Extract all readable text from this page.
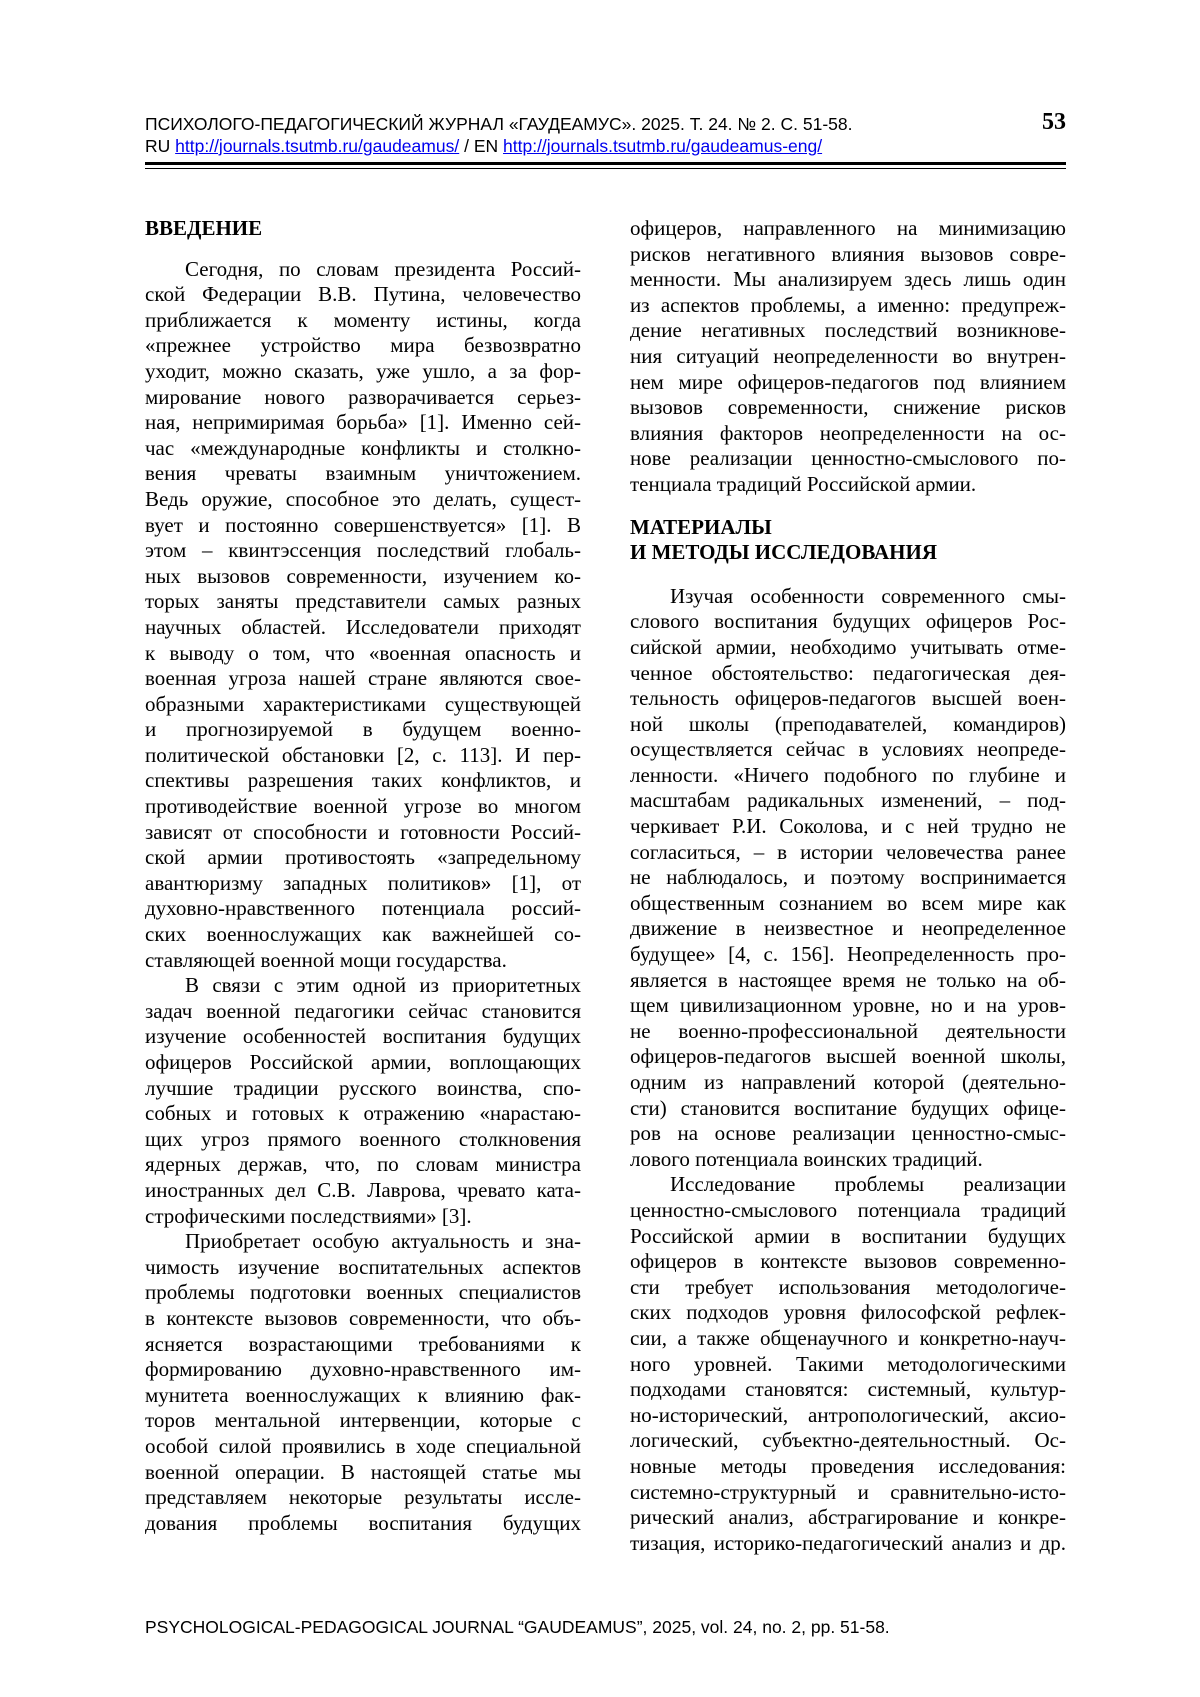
ПСИХОЛОГО-ПЕДАГОГИЧЕСКИЙ ЖУРНАЛ «ГАУДЕАМУС». 2025. Т. 24. № 2. С. 51-58.
RU http://journals.tsutmb.ru/gaudeamus/ / EN http://journals.tsutmb.ru/gaudeamus-eng/
53
ВВЕДЕНИЕ
Сегодня, по словам президента Россий-
ской Федерации В.В. Путина, человечество
приближается к моменту истины, когда
«прежнее устройство мира безвозвратно
уходит, можно сказать, уже ушло, а за фор-
мирование нового разворачивается серьез-
ная, непримиримая борьба» [1]. Именно сей-
час «международные конфликты и столкно-
вения чреваты взаимным уничтожением.
Ведь оружие, способное это делать, сущест-
вует и постоянно совершенствуется» [1]. В
этом – квинтэссенция последствий глобаль-
ных вызовов современности, изучением ко-
торых заняты представители самых разных
научных областей. Исследователи приходят
к выводу о том, что «военная опасность и
военная угроза нашей стране являются свое-
образными характеристиками существующей
и прогнозируемой в будущем военно-
политической обстановки [2, с. 113]. И пер-
спективы разрешения таких конфликтов, и
противодействие военной угрозе во многом
зависят от способности и готовности Россий-
ской армии противостоять «запредельному
авантюризму западных политиков» [1], от
духовно-нравственного потенциала россий-
ских военнослужащих как важнейшей со-
ставляющей военной мощи государства.
В связи с этим одной из приоритетных
задач военной педагогики сейчас становится
изучение особенностей воспитания будущих
офицеров Российской армии, воплощающих
лучшие традиции русского воинства, спо-
собных и готовых к отражению «нарастаю-
щих угроз прямого военного столкновения
ядерных держав, что, по словам министра
иностранных дел С.В. Лаврова, чревато ката-
строфическими последствиями» [3].
Приобретает особую актуальность и зна-
чимость изучение воспитательных аспектов
проблемы подготовки военных специалистов
в контексте вызовов современности, что объ-
ясняется возрастающими требованиями к
формированию духовно-нравственного им-
мунитета военнослужащих к влиянию фак-
торов ментальной интервенции, которые с
особой силой проявились в ходе специальной
военной операции. В настоящей статье мы
представляем некоторые результаты иссле-
дования проблемы воспитания будущих
офицеров, направленного на минимизацию
рисков негативного влияния вызовов совре-
менности. Мы анализируем здесь лишь один
из аспектов проблемы, а именно: предупреж-
дение негативных последствий возникнове-
ния ситуаций неопределенности во внутрен-
нем мире офицеров-педагогов под влиянием
вызовов современности, снижение рисков
влияния факторов неопределенности на ос-
нове реализации ценностно-смыслового по-
тенциала традиций Российской армии.
МАТЕРИАЛЫ
И МЕТОДЫ ИССЛЕДОВАНИЯ
Изучая особенности современного смы-
слового воспитания будущих офицеров Рос-
сийской армии, необходимо учитывать отме-
ченное обстоятельство: педагогическая дея-
тельность офицеров-педагогов высшей воен-
ной школы (преподавателей, командиров)
осуществляется сейчас в условиях неопреде-
ленности. «Ничего подобного по глубине и
масштабам радикальных изменений, – под-
черкивает Р.И. Соколова, и с ней трудно не
согласиться, – в истории человечества ранее
не наблюдалось, и поэтому воспринимается
общественным сознанием во всем мире как
движение в неизвестное и неопределенное
будущее» [4, с. 156]. Неопределенность про-
является в настоящее время не только на об-
щем цивилизационном уровне, но и на уров-
не военно-профессиональной деятельности
офицеров-педагогов высшей военной школы,
одним из направлений которой (деятельно-
сти) становится воспитание будущих офице-
ров на основе реализации ценностно-смыс-
лового потенциала воинских традиций.
Исследование проблемы реализации
ценностно-смыслового потенциала традиций
Российской армии в воспитании будущих
офицеров в контексте вызовов современно-
сти требует использования методологиче-
ских подходов уровня философской рефлек-
сии, а также общенаучного и конкретно-науч-
ного уровней. Такими методологическими
подходами становятся: системный, культур-
но-исторический, антропологический, аксио-
логический, субъектно-деятельностный. Ос-
новные методы проведения исследования:
системно-структурный и сравнительно-исто-
рический анализ, абстрагирование и конкре-
тизация, историко-педагогический анализ и др.
PSYCHOLOGICAL-PEDAGOGICAL JOURNAL “GAUDEAMUS”, 2025, vol. 24, no. 2, pp. 51-58.
